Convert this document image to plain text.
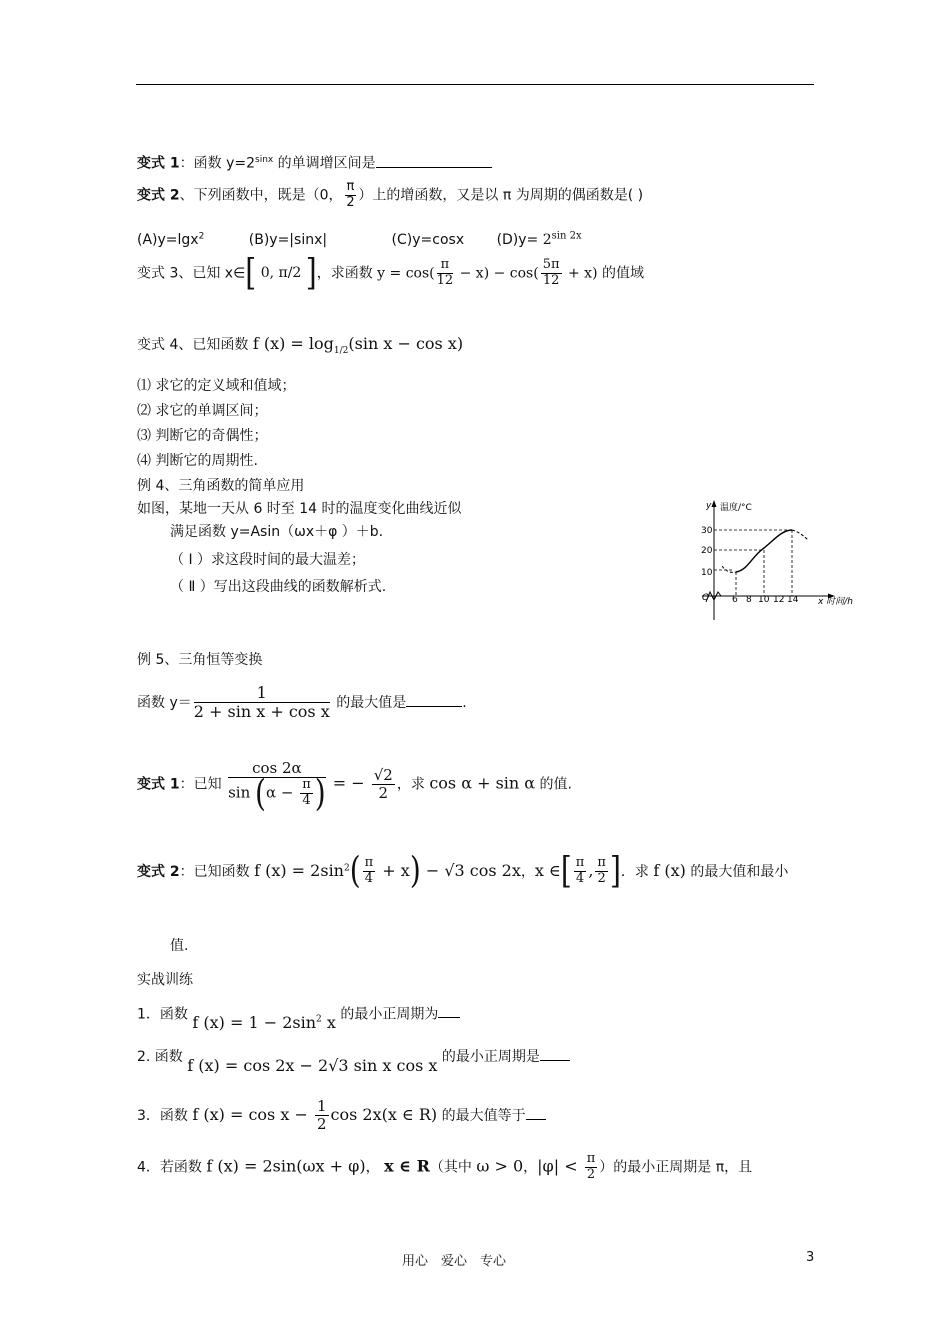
变式 1：函数 $y=2^{sinx}$ 的单调增区间是
变式 2、下列函数中，既是（0， $\frac{\pi}{2}$ ）上的增函数，又是以 π 为周期的偶函数是( )
(A)y=lgx$^2$	(B)y=|sinx|	(C)y=cosx $(D)y= 2^{sin 2x}$
变式 3、已知 x∈[ 0, π/2 ]，求函数 $y = \cos( \frac{\pi}{12} - x) - \cos( \frac{5\pi}{12} + x)$ 的值域
变式 4、已知函数 f $(x) = \log_{1/2}(\sin$ x − cos x)
⑴ 求它的定义域和值域；
⑵ 求它的单调区间；
⑶ 判断它的奇偶性；
⑷ 判断它的周期性.
例 4、三角函数的简单应用
如图，某地一天从 6 时至 14 时的温度变化曲线近似
满足函数 y=Asin（ωx＋φ ）＋b.
（ Ⅰ ）求这段时间的最大温差；
（ Ⅱ ）写出这段曲线的函数解析式.
y 温度/°C
x 时间/h
O
30
20
10
6 8 10 12 14
例 5、三角恒等变换
函数 $y= \frac{1}{\text{2 + sin x + cos x}}$ 的最大值是	.
变式 1：已知 $\frac{\cos 2\alpha}{\sin (\alpha - \frac{\pi}{4} )}$ = − $\frac{√2}{2}$ ，求 cos α + sin α 的值.
变式 2：已知函数 f $(x) = 2\sin^2( \frac{\pi}{4} + x) - √3$ cos 2x，x ∈[ $\frac{\pi}{4}$ , $\frac{\pi}{2}$ ]．求 f (x) 的最大值和最小
值.
实战训练
1．函数 f $(x) = 1 - 2\sin^2$ x 的最小正周期为
2. 函数 f (x) = cos 2x − 2√3 sin x cos x 的最小正周期是
3．函数 f $(x) = \cos x - \frac{1}{2}$ cos 2x(x ∈ R) 的最大值等于
4．若函数 f (x) = 2sin(ωx + φ)， x ∈ R（其中 ω > 0，$|\varphi| < \frac{\pi}{2}$ ）的最小正周期是 π，且
用心　爱心　专心	3
